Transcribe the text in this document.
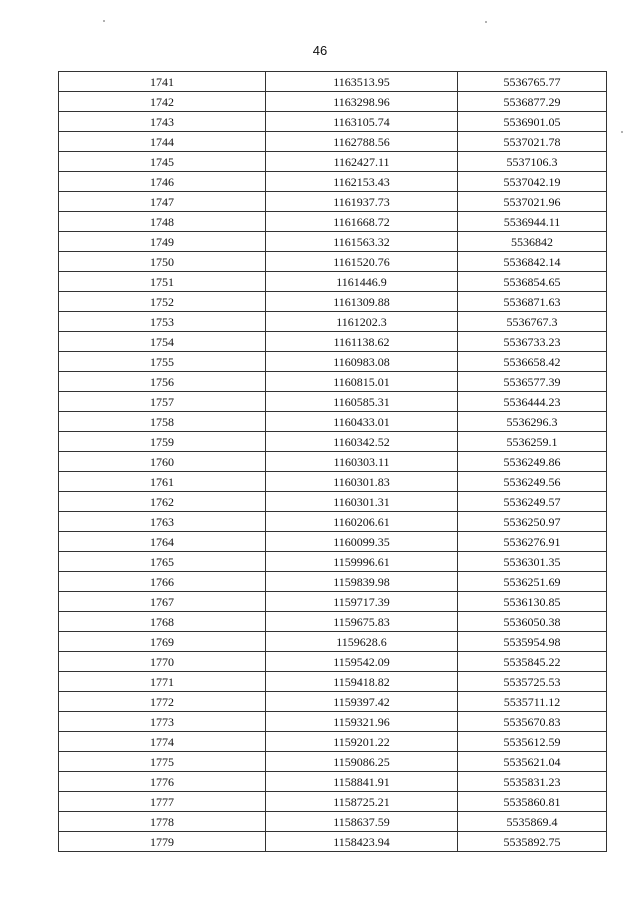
46
1741	1163513.95	5536765.77
1742	1163298.96	5536877.29
1743	1163105.74	5536901.05
1744	1162788.56	5537021.78
1745	1162427.11	5537106.3
1746	1162153.43	5537042.19
1747	1161937.73	5537021.96
1748	1161668.72	5536944.11
1749	1161563.32	5536842
1750	1161520.76	5536842.14
1751	1161446.9	5536854.65
1752	1161309.88	5536871.63
1753	1161202.3	5536767.3
1754	1161138.62	5536733.23
1755	1160983.08	5536658.42
1756	1160815.01	5536577.39
1757	1160585.31	5536444.23
1758	1160433.01	5536296.3
1759	1160342.52	5536259.1
1760	1160303.11	5536249.86
1761	1160301.83	5536249.56
1762	1160301.31	5536249.57
1763	1160206.61	5536250.97
1764	1160099.35	5536276.91
1765	1159996.61	5536301.35
1766	1159839.98	5536251.69
1767	1159717.39	5536130.85
1768	1159675.83	5536050.38
1769	1159628.6	5535954.98
1770	1159542.09	5535845.22
1771	1159418.82	5535725.53
1772	1159397.42	5535711.12
1773	1159321.96	5535670.83
1774	1159201.22	5535612.59
1775	1159086.25	5535621.04
1776	1158841.91	5535831.23
1777	1158725.21	5535860.81
1778	1158637.59	5535869.4
1779	1158423.94	5535892.75
